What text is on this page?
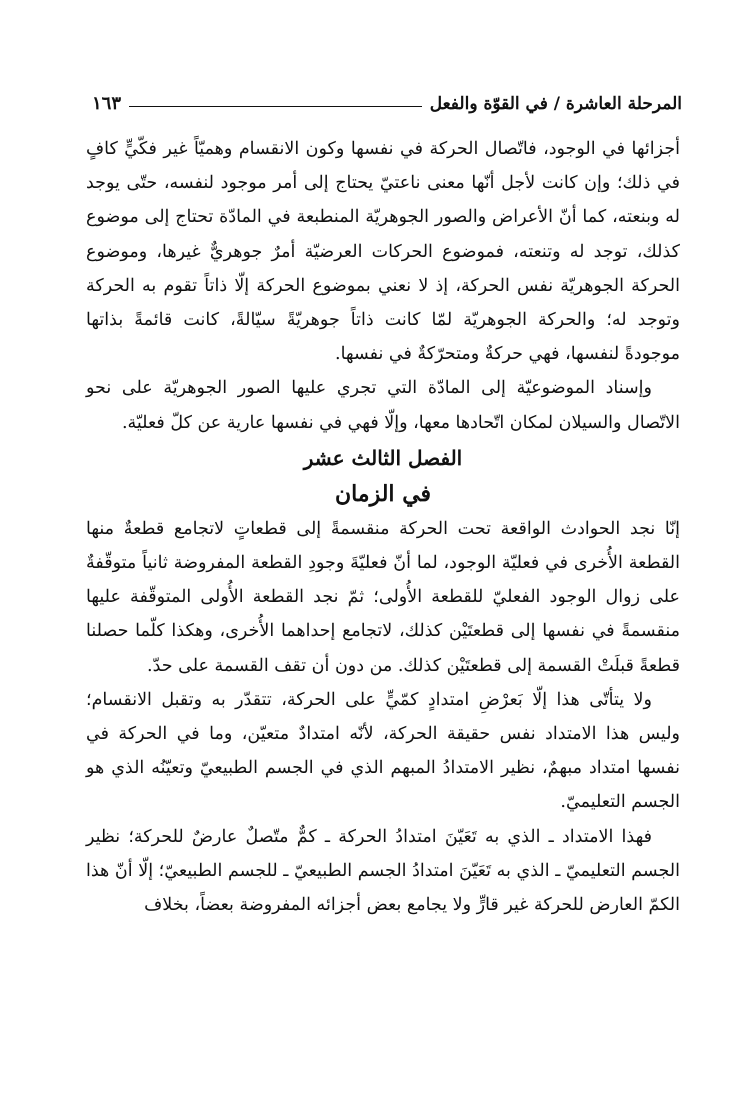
المرحلة العاشرة / في القوّة والفعل
١٦٣

أجزائها في الوجود، فاتّصال الحركة في نفسها وكون الانقسام وهميّاً غير فكّيٍّ كافٍ في ذلك؛ وإن كانت لأجل أنّها معنى ناعتيّ يحتاج إلى أمر موجود لنفسه، حتّى يوجد له وبنعته، كما أنّ الأعراض والصور الجوهريّة المنطبعة في المادّة تحتاج إلى موضوع كذلك، توجد له وتنعته، فموضوع الحركات العرضيّة أمرٌ جوهريٌّ غيرها، وموضوع الحركة الجوهريّة نفس الحركة، إذ لا نعني بموضوع الحركة إلّا ذاتاً تقوم به الحركة وتوجد له؛ والحركة الجوهريّة لمّا كانت ذاتاً جوهريّةً سيّالةً، كانت قائمةً بذاتها موجودةً لنفسها، فهي حركةٌ ومتحرّكةٌ في نفسها.

وإسناد الموضوعيّة إلى المادّة التي تجري عليها الصور الجوهريّة على نحو الاتّصال والسيلان لمكان اتّحادها معها، وإلّا فهي في نفسها عارية عن كلّ فعليّة.

الفصل الثالث عشر

في الزمان

إنّا نجد الحوادث الواقعة تحت الحركة منقسمةً إلى قطعاتٍ لاتجامع قطعةٌ منها القطعة الأُخرى في فعليّة الوجود، لما أنّ فعليّةَ وجودِ القطعة المفروضة ثانياً متوقّفةٌ على زوال الوجود الفعليّ للقطعة الأُولى؛ ثمّ نجد القطعة الأُولى المتوقّفة عليها منقسمةً في نفسها إلى قطعتَيْن كذلك، لاتجامع إحداهما الأُخرى، وهكذا كلّما حصلنا قطعةً قبلَتْ القسمة إلى قطعتَيْن كذلك. من دون أن تقف القسمة على حدّ.

ولا يتأتّى هذا إلّا بَعرْضِ امتدادٍ كمّيٍّ على الحركة، تتقدّر به وتقبل الانقسام؛ وليس هذا الامتداد نفس حقيقة الحركة، لأنّه امتدادٌ متعيّن، وما في الحركة في نفسها امتداد مبهمٌ، نظير الامتدادُ المبهم الذي في الجسم الطبيعيّ وتعيّنُه الذي هو الجسم التعليميّ.

فهذا الامتداد ـ الذي به تَعَيّنَ امتدادُ الحركة ـ كمٌّ متّصلٌ عارضٌ للحركة؛ نظير الجسم التعليميّ ـ الذي به تَعَيّنَ امتدادُ الجسم الطبيعيّ ـ للجسم الطبيعيّ؛ إلّا أنّ هذا الكمّ العارض للحركة غير قارٍّ ولا يجامع بعض أجزائه المفروضة بعضاً، بخلاف
